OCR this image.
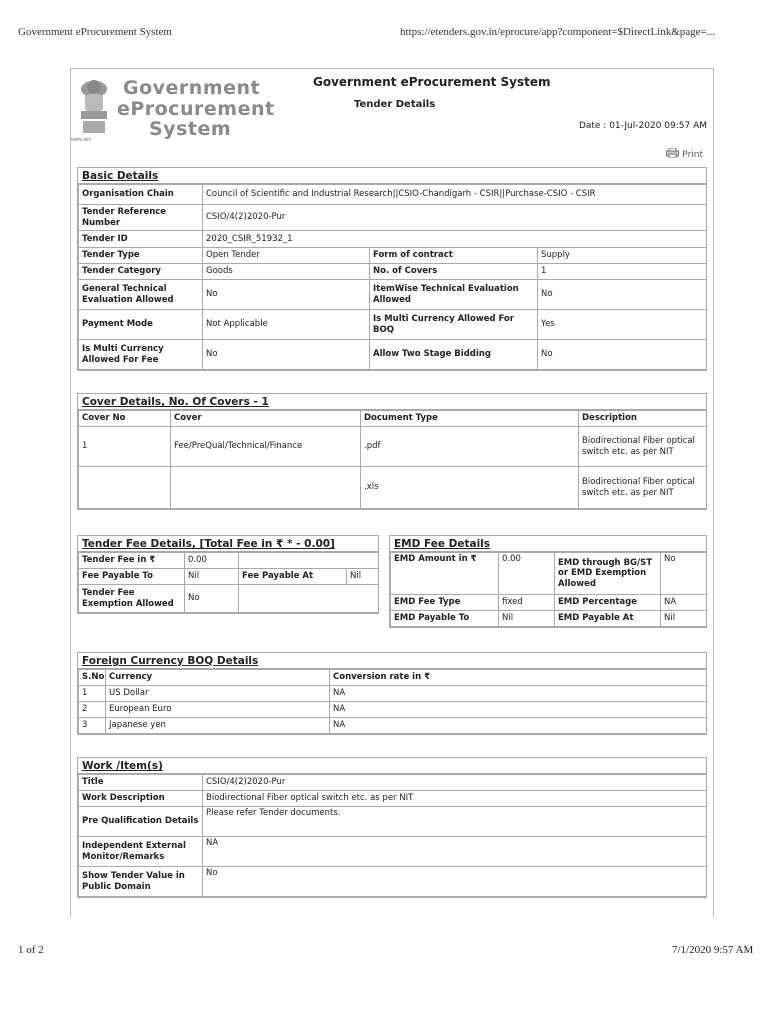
Government eProcurement System	https://etenders.gov.in/eprocure/app?component=$DirectLink&page=...
सत्यमेव जयते
Government
eProcurement
System
Government eProcurement System
Tender Details
Date : 01-Jul-2020 09:57 AM
Print
Basic Details
Organisation Chain	Council of Scientific and Industrial Research||CSIO-Chandigarh - CSIR||Purchase-CSIO - CSIR		
Tender Reference Number	CSIO/4(2)2020-Pur		
Tender ID	2020_CSIR_51932_1		
Tender Type	Open Tender	Form of contract	Supply
Tender Category	Goods	No. of Covers	1
General Technical Evaluation Allowed	No	ItemWise Technical Evaluation Allowed	No
Payment Mode	Not Applicable	Is Multi Currency Allowed For BOQ	Yes
Is Multi Currency Allowed For Fee	No	Allow Two Stage Bidding	No
Cover Details, No. Of Covers - 1
Cover No	Cover	Document Type	Description
1	Fee/PreQual/Technical/Finance	.pdf	Biodirectional Fiber optical switch etc. as per NIT
		.xls	Biodirectional Fiber optical switch etc. as per NIT
Tender Fee Details, [Total Fee in ₹ * - 0.00]
Tender Fee in ₹	0.00		
Fee Payable To	Nil	Fee Payable At	Nil
Tender Fee Exemption Allowed	No		
EMD Fee Details
EMD Amount in ₹	0.00	EMD through BG/ST or EMD Exemption Allowed	No
EMD Fee Type	fixed	EMD Percentage	NA
EMD Payable To	Nil	EMD Payable At	Nil
Foreign Currency BOQ Details
S.No	Currency	Conversion rate in ₹
1	US Dollar	NA
2	European Euro	NA
3	Japanese yen	NA
Work /Item(s)
Title	CSIO/4(2)2020-Pur
Work Description	Biodirectional Fiber optical switch etc. as per NIT
Pre Qualification Details	Please refer Tender documents.
Independent External Monitor/Remarks	NA
Show Tender Value in Public Domain	No
1 of 2	7/1/2020 9:57 AM
